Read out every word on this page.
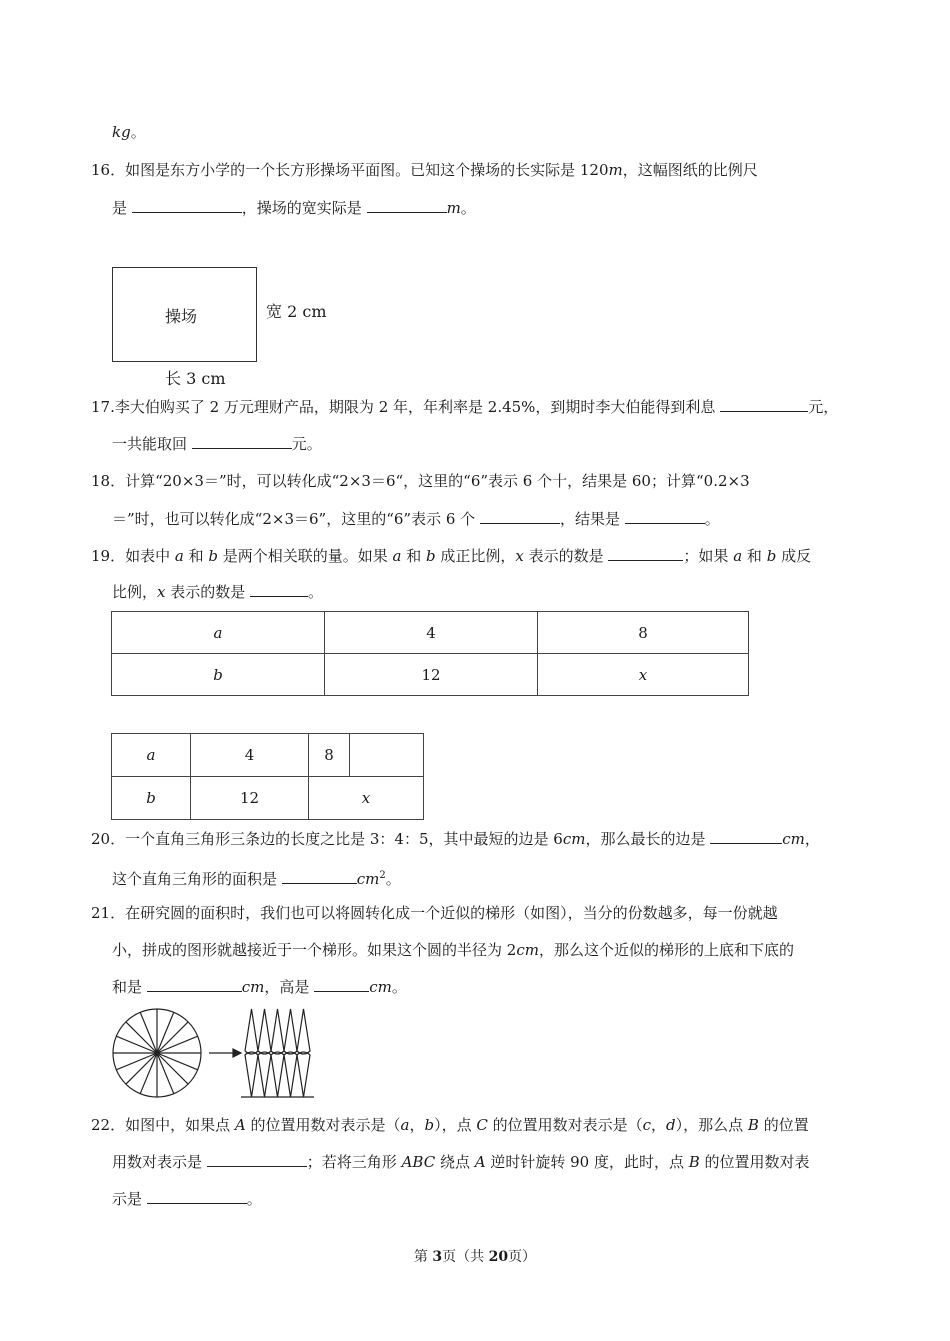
kg。
16．如图是东方小学的一个长方形操场平面图。已知这个操场的长实际是 120m，这幅图纸的比例尺
是	，操场的宽实际是	m。
操场	宽 2 cm
长 3 cm
17.李大伯购买了 2 万元理财产品，期限为 2 年，年利率是 2.45%，到期时李大伯能得到利息	元，
一共能取回	元。
18．计算“20×3＝”时，可以转化成“2×3＝6“，这里的“6”表示 6 个十，结果是 60；计算“0.2×3
＝”时，也可以转化成“2×3＝6”，这里的“6”表示 6 个	，结果是	。
19．如表中 a 和 b 是两个相关联的量。如果 a 和 b 成正比例，x 表示的数是	；如果 a 和 b 成反
比例，x 表示的数是	。
a	4	8
b	12	x
a	4	8	
b	12	x	
20．一个直角三角形三条边的长度之比是 3：4：5，其中最短的边是 6cm，那么最长的边是	cm，
这个直角三角形的面积是	$cm^2$。
21．在研究圆的面积时，我们也可以将圆转化成一个近似的梯形（如图），当分的份数越多，每一份就越
小，拼成的图形就越接近于一个梯形。如果这个圆的半径为 2cm，那么这个近似的梯形的上底和下底的
和是	cm，高是	cm。
22．如图中，如果点 A 的位置用数对表示是（a，b），点 C 的位置用数对表示是（c，d），那么点 B 的位置
用数对表示是	；若将三角形 ABC 绕点 A 逆时针旋转 90 度，此时，点 B 的位置用数对表
示是	。
第 3页（共 20页）
